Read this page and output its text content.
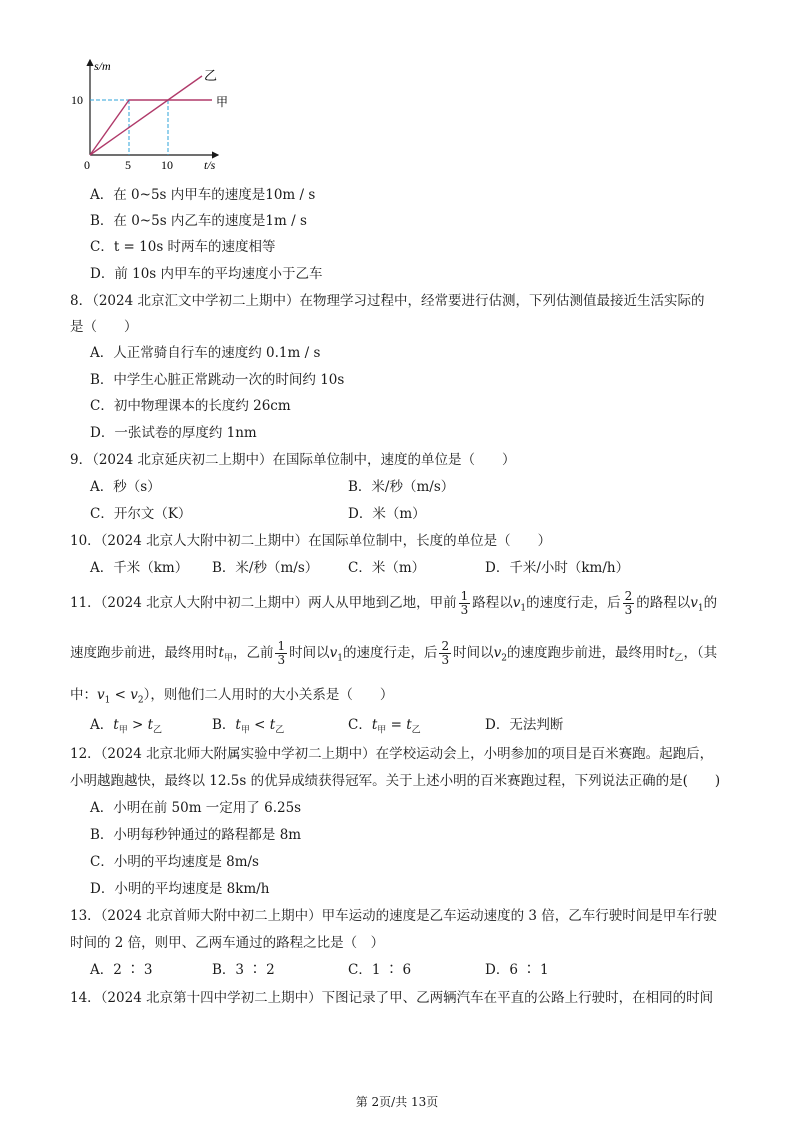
s/m
t/s
0
10
5	10
乙
甲
A．在 0~5s 内甲车的速度是10m / s
B．在 0~5s 内乙车的速度是1m / s
C．t = 10s 时两车的速度相等
D．前 10s 内甲车的平均速度小于乙车
8．（2024 北京汇文中学初二上期中）在物理学习过程中，经常要进行估测，下列估测值最接近生活实际的
是（　　）
A．人正常骑自行车的速度约 0.1m / s
B．中学生心脏正常跳动一次的时间约 10s
C．初中物理课本的长度约 26cm
D．一张试卷的厚度约 1nm
9．（2024 北京延庆初二上期中）在国际单位制中，速度的单位是（　　）
A．秒（s）	B．米/秒（m/s）
C．开尔文（K）	D．米（m）
10．（2024 北京人大附中初二上期中）在国际单位制中，长度的单位是（　　）
A．千米（km） B．米/秒（m/s） C．米（m）	D．千米/小时（km/h）
11．（2024 北京人大附中初二上期中）两人从甲地到乙地，甲前 $\frac{1}{3}$ 路程以$v_1$的速度行走，后 $\frac{2}{3}$ 的路程以$v_1$的
速度跑步前进，最终用时$t_甲$，乙前 $\frac{1}{3}$ 时间以$v_1$的速度行走，后 $\frac{2}{3}$ 时间以$v_2$的速度跑步前进，最终用时$t_乙$，（其
中：$v_1 < v_2$），则他们二人用时的大小关系是（　　）
A．$t_甲 > t_乙$	B．$t_甲 < t_乙$	C．$t_甲 = t_乙$	D．无法判断
12．（2024 北京北师大附属实验中学初二上期中）在学校运动会上，小明参加的项目是百米赛跑。起跑后，
小明越跑越快，最终以 12.5s 的优异成绩获得冠军。关于上述小明的百米赛跑过程，下列说法正确的是(　　)
A．小明在前 50m 一定用了 6.25s
B．小明每秒钟通过的路程都是 8m
C．小明的平均速度是 8m/s
D．小明的平均速度是 8km/h
13．（2024 北京首师大附中初二上期中）甲车运动的速度是乙车运动速度的 3 倍，乙车行驶时间是甲车行驶
时间的 2 倍，则甲、乙两车通过的路程之比是（　）
A．2 ∶ 3	B．3 ∶ 2	C．1 ∶ 6	D．6 ∶ 1
14．（2024 北京第十四中学初二上期中）下图记录了甲、乙两辆汽车在平直的公路上行驶时，在相同的时间
第 2页/共 13页
